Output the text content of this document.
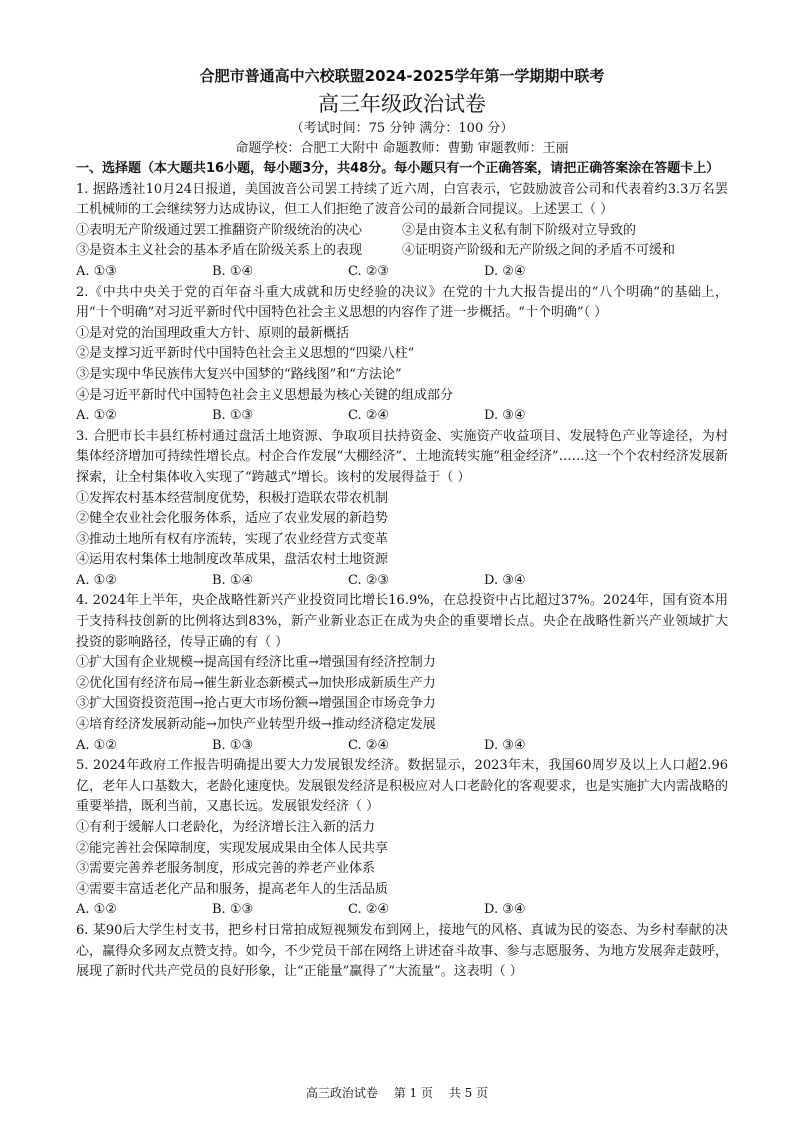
合肥市普通高中六校联盟2024-2025学年第一学期期中联考

高三年级政治试卷

（考试时间：75 分钟 满分：100 分）

命题学校：合肥工大附中 命题教师：曹勤 审题教师：王丽

一、选择题（本大题共16小题，每小题3分，共48分。每小题只有一个正确答案，请把正确答案涂在答题卡上）

1. 据路透社10月24日报道，美国波音公司罢工持续了近六周，白宫表示，它鼓励波音公司和代表着约3.3万名罢工机械师的工会继续努力达成协议，但工人们拒绝了波音公司的最新合同提议。上述罢工（ ）

①表明无产阶级通过罢工推翻资产阶级统治的决心	②是由资本主义私有制下阶级对立导致的
③是资本主义社会的基本矛盾在阶级关系上的表现	④证明资产阶级和无产阶级之间的矛盾不可缓和
A. ①③	B. ①④	C. ②③	D. ②④

2.《中共中央关于党的百年奋斗重大成就和历史经验的决议》在党的十九大报告提出的“八个明确”的基础上，用“十个明确”对习近平新时代中国特色社会主义思想的内容作了进一步概括。“十个明确”（ ）

①是对党的治国理政重大方针、原则的最新概括

②是支撑习近平新时代中国特色社会主义思想的“四梁八柱”

③是实现中华民族伟大复兴中国梦的“路线图”和“方法论”

④是习近平新时代中国特色社会主义思想最为核心关键的组成部分

A. ①②	B. ①③	C. ②④	D. ③④

3. 合肥市长丰县红桥村通过盘活土地资源、争取项目扶持资金、实施资产收益项目、发展特色产业等途径，为村集体经济增加可持续性增长点。村企合作发展“大棚经济”、土地流转实施“租金经济”……这一个个农村经济发展新探索，让全村集体收入实现了“跨越式”增长。该村的发展得益于（ ）

①发挥农村基本经营制度优势，积极打造联农带农机制

②健全农业社会化服务体系，适应了农业发展的新趋势

③推动土地所有权有序流转，实现了农业经营方式变革

④运用农村集体土地制度改革成果，盘活农村土地资源

A. ①②	B. ①④	C. ②③	D. ③④

4. 2024年上半年，央企战略性新兴产业投资同比增长16.9%，在总投资中占比超过37%。2024年，国有资本用于支持科技创新的比例将达到83%，新产业新业态正在成为央企的重要增长点。央企在战略性新兴产业领域扩大投资的影响路径，传导正确的有（ ）

①扩大国有企业规模→提高国有经济比重→增强国有经济控制力

②优化国有经济布局→催生新业态新模式→加快形成新质生产力

③扩大国资投资范围→抢占更大市场份额→增强国企市场竞争力

④培育经济发展新动能→加快产业转型升级→推动经济稳定发展

A. ①②	B. ①③	C. ②④	D. ③④

5. 2024年政府工作报告明确提出要大力发展银发经济。数据显示，2023年末，我国60周岁及以上人口超2.96亿，老年人口基数大，老龄化速度快。发展银发经济是积极应对人口老龄化的客观要求，也是实施扩大内需战略的重要举措，既利当前，又惠长远。发展银发经济（ ）

①有利于缓解人口老龄化，为经济增长注入新的活力

②能完善社会保障制度，实现发展成果由全体人民共享

③需要完善养老服务制度，形成完善的养老产业体系

④需要丰富适老化产品和服务，提高老年人的生活品质

A. ①②	B. ①③	C. ②④	D. ③④

6. 某90后大学生村支书，把乡村日常拍成短视频发布到网上，接地气的风格、真诚为民的姿态、为乡村奉献的决心，赢得众多网友点赞支持。如今，不少党员干部在网络上讲述奋斗故事、参与志愿服务、为地方发展奔走鼓呼，展现了新时代共产党员的良好形象，让“正能量”赢得了“大流量”。这表明（ ）

高三政治试卷 第 1 页 共 5 页
